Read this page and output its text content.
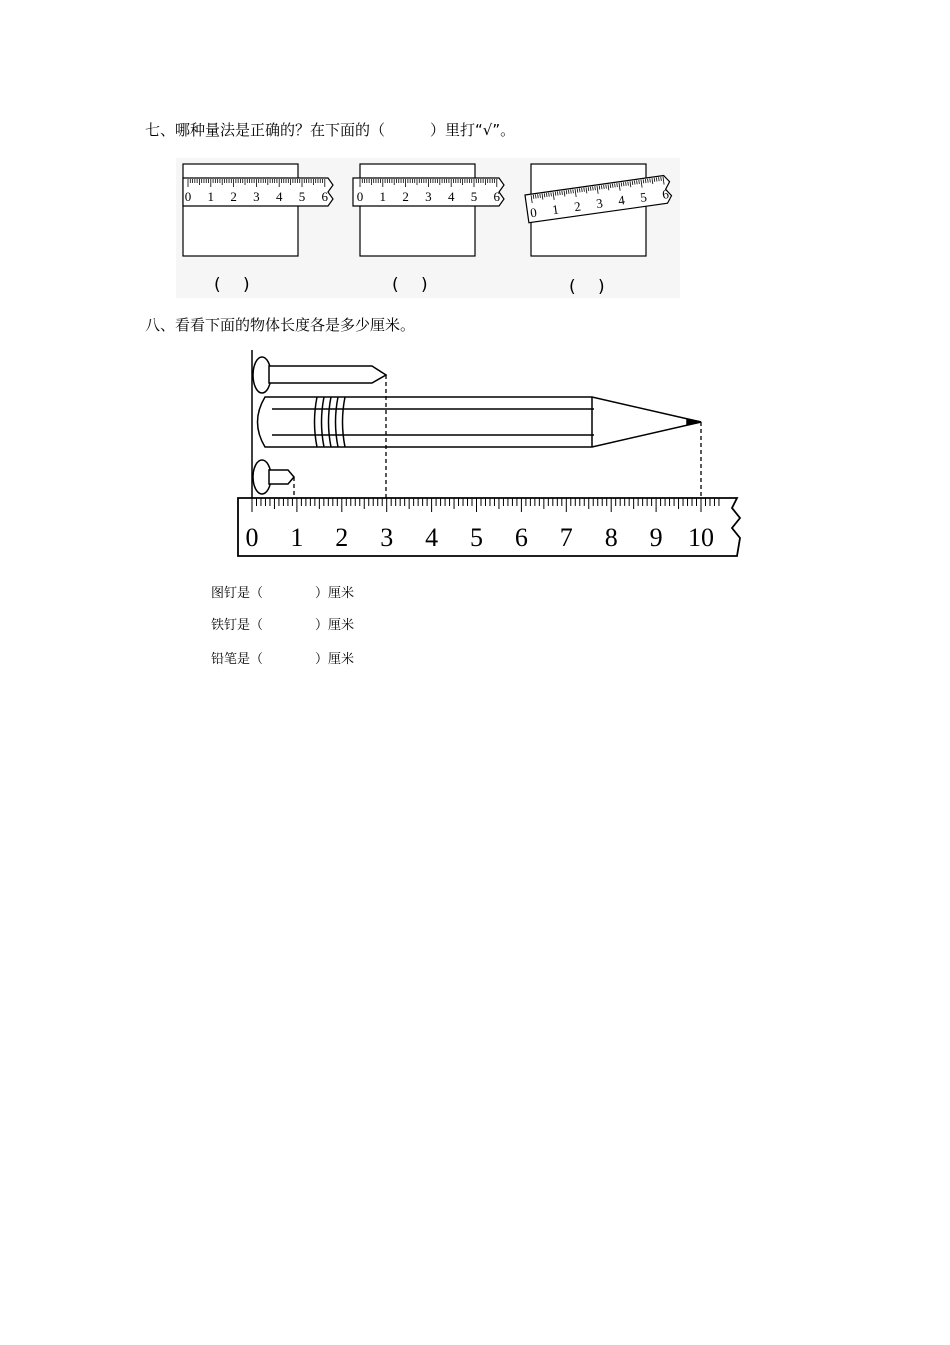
七、哪种量法是正确的？在下面的（　　　）里打“√”。
0 1 2 3 4 5 6 0 1 2 3 4 5 6
0 1 2 3 4 5 6
(　 )	(　 )	(　 )
八、看看下面的物体长度各是多少厘米。
0 1 2 3 4 5 6 7 8 9 10
图钉是（	）厘米
铁钉是（	）厘米
铅笔是（	）厘米
